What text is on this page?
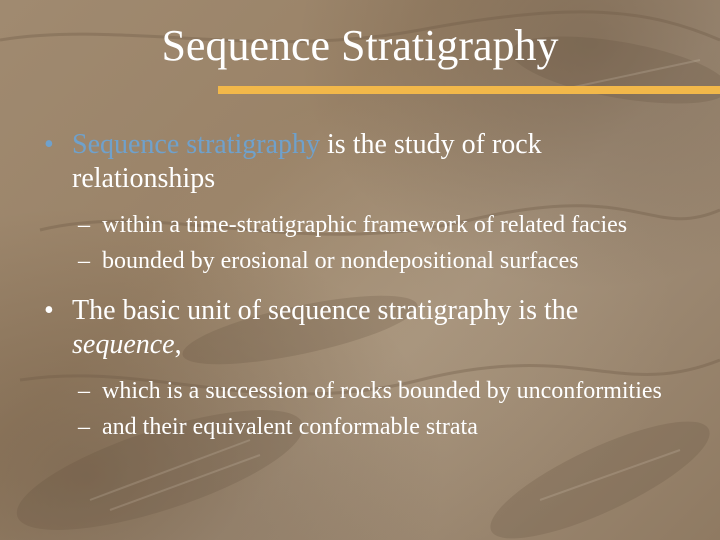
Sequence Stratigraphy
• Sequence stratigraphy is the study of rock relationships
– within a time-stratigraphic framework of related facies
– bounded by erosional or nondepositional surfaces
• The basic unit of sequence stratigraphy is the sequence,
– which is a succession of rocks bounded by unconformities
– and their equivalent conformable strata
